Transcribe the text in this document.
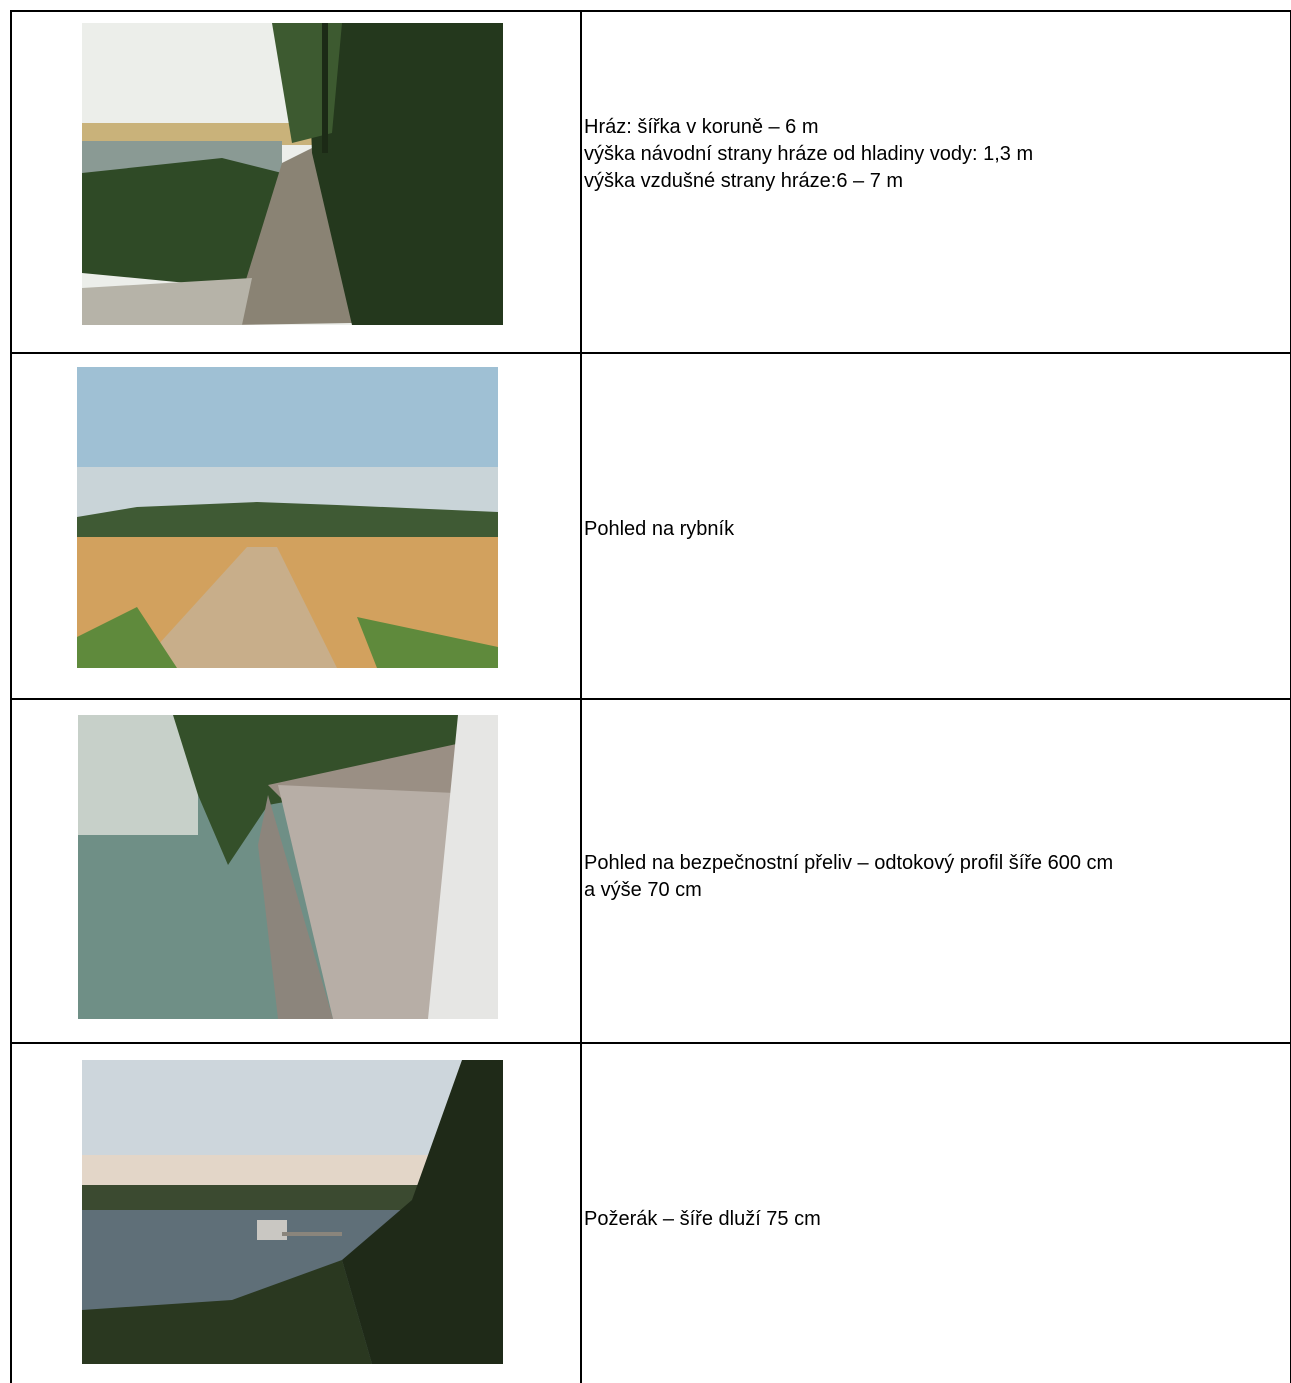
Hráz: šířka v koruně – 6 m
výška návodní strany hráze od hladiny vody: 1,3 m
výška vzdušné strany hráze:6 – 7 m
Pohled na rybník
Pohled na bezpečnostní přeliv – odtokový profil šíře 600 cm
a výše 70 cm
Požerák – šíře dluží 75 cm
